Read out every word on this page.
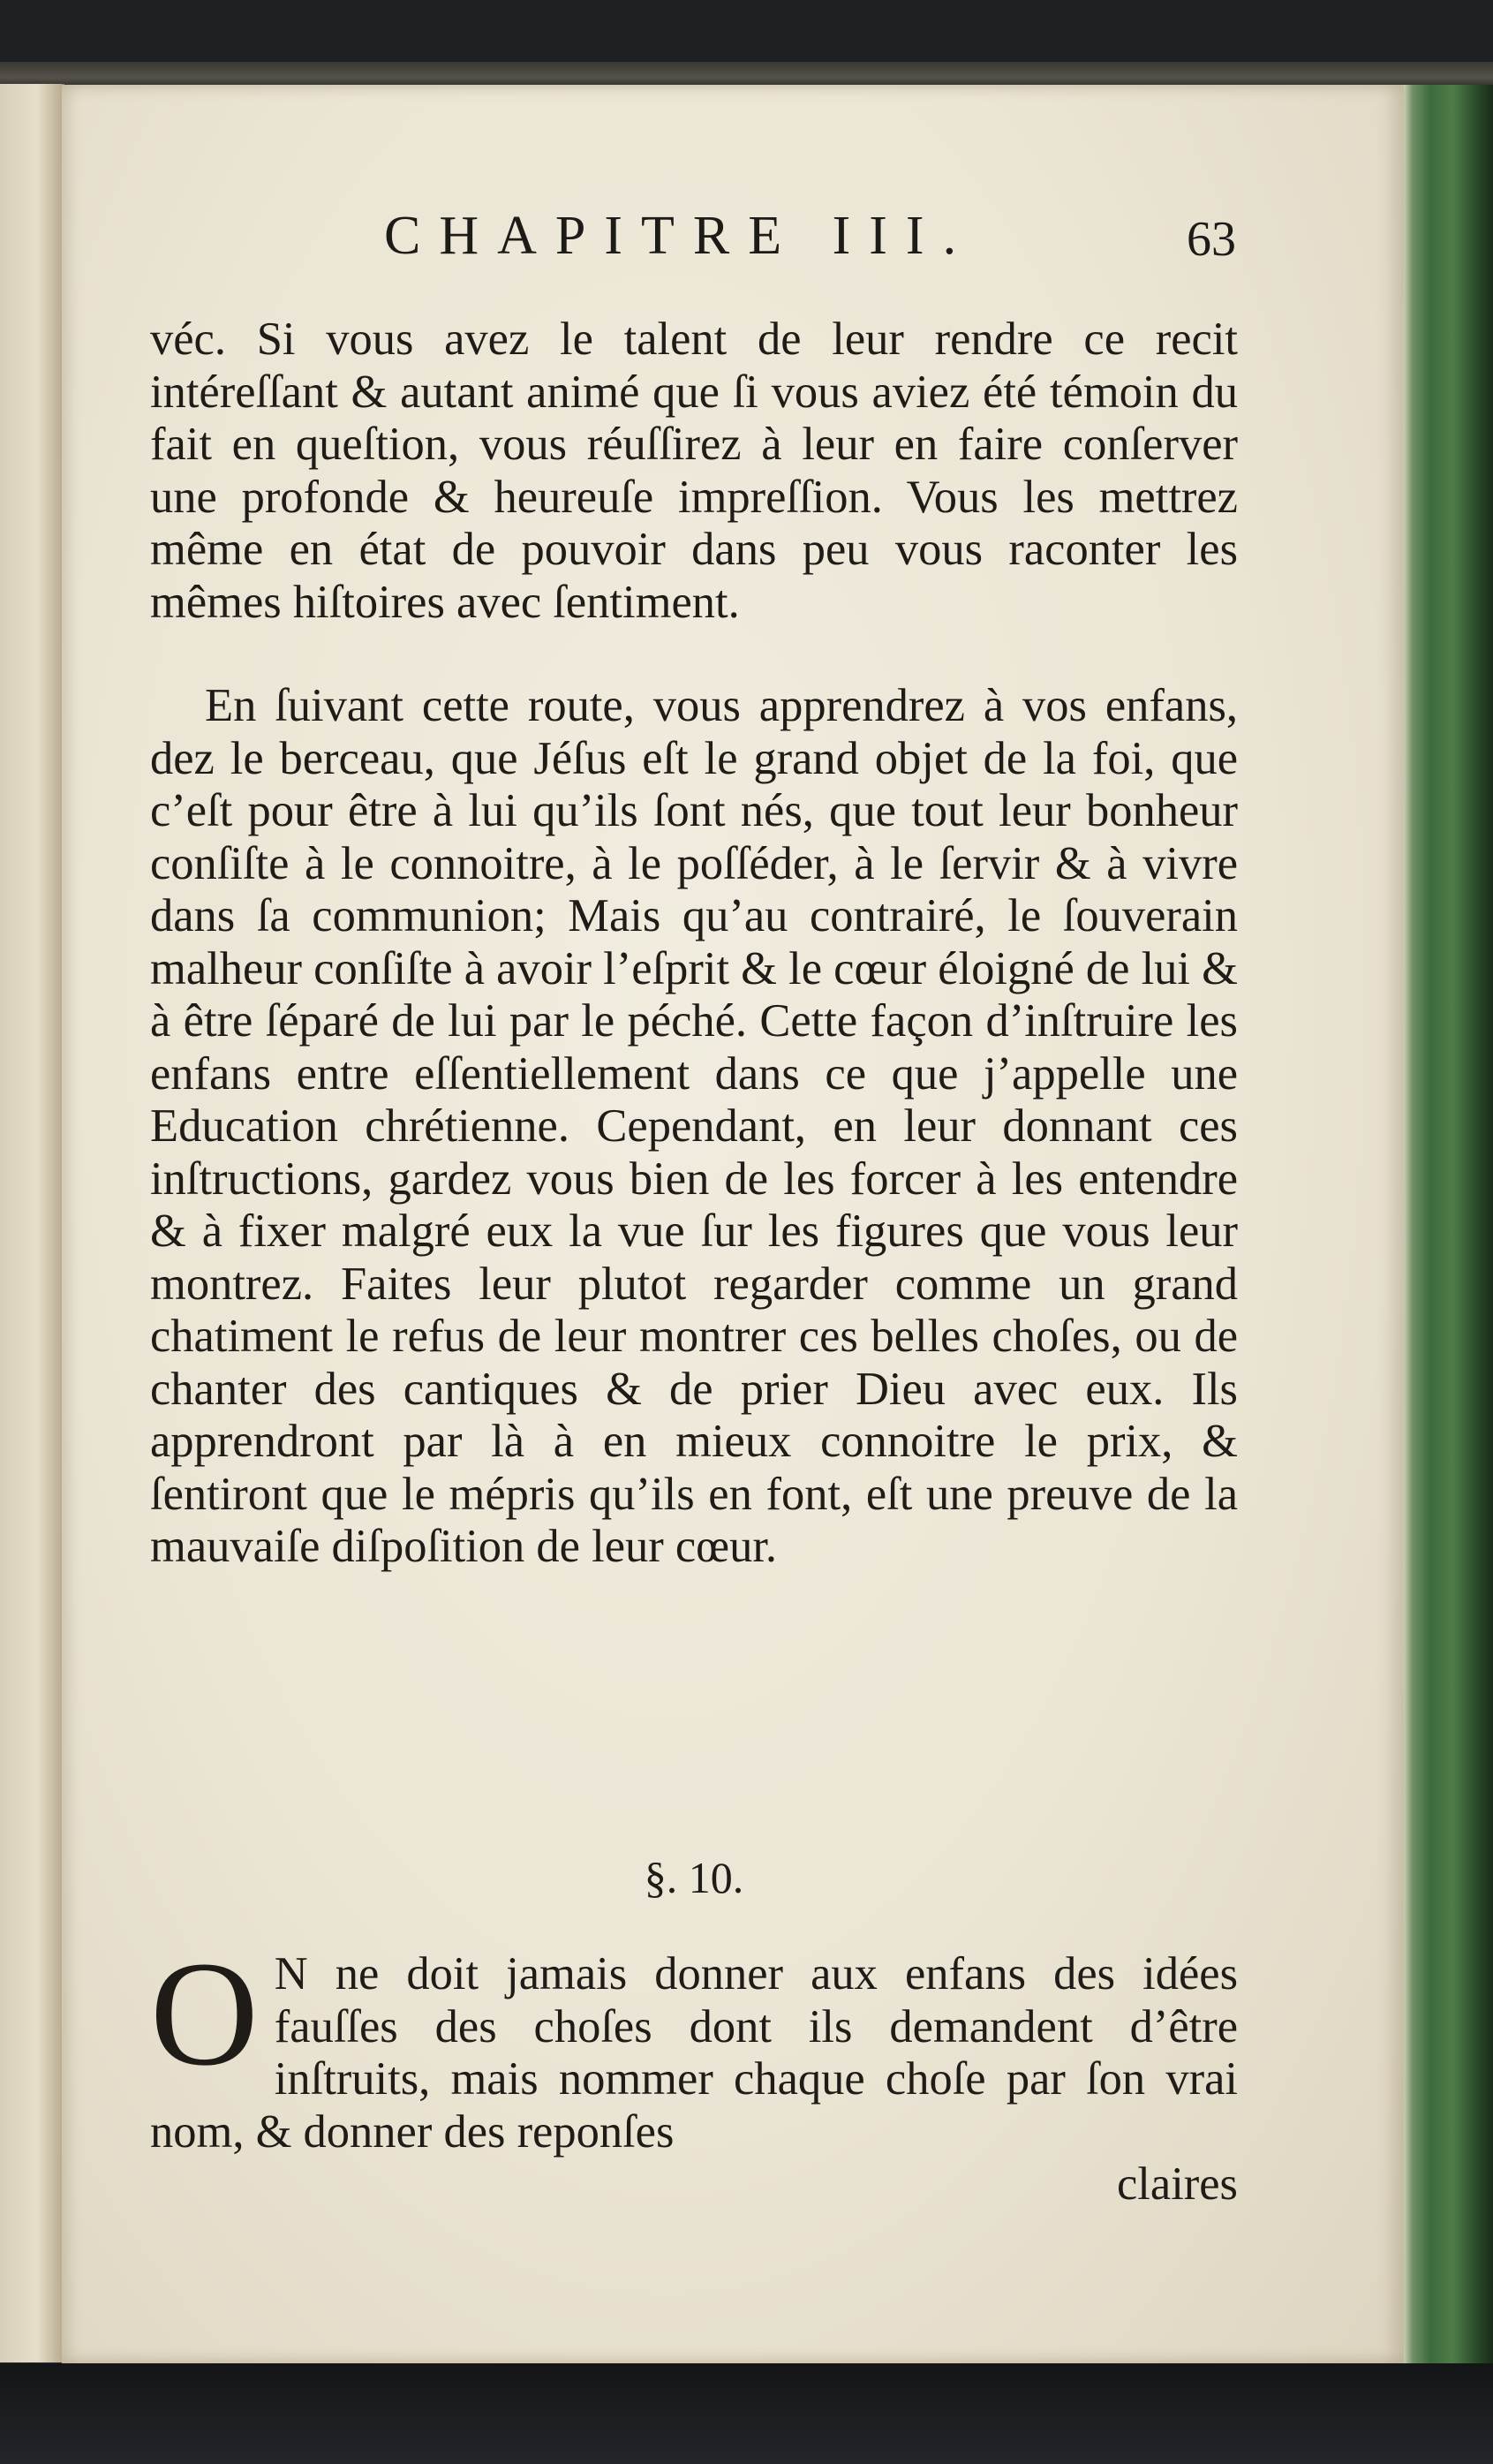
CHAPITRE III.	63

véc. Si vous avez le talent de leur rendre ce recit intéreſſant & autant animé que ſi vous aviez été témoin du fait en queſtion, vous réuſſirez à leur en faire conſerver une profonde & heureuſe impreſſion. Vous les mettrez même en état de pouvoir dans peu vous raconter les mêmes hiſtoires avec ſentiment.

En ſuivant cette route, vous apprendrez à vos enfans, dez le berceau, que Jéſus eſt le grand objet de la foi, que c’eſt pour être à lui qu’ils ſont nés, que tout leur bonheur conſiſte à le connoitre, à le poſſéder, à le ſervir & à vivre dans ſa communion; Mais qu’au contrairé, le ſouverain malheur conſiſte à avoir l’eſprit & le cœur éloigné de lui & à être ſéparé de lui par le péché. Cette façon d’inſtruire les enfans entre eſſentiellement dans ce que j’appelle une Education chrétienne. Cependant, en leur donnant ces inſtructions, gardez vous bien de les forcer à les entendre & à fixer malgré eux la vue ſur les figures que vous leur montrez. Faites leur plutot regarder comme un grand chatiment le refus de leur montrer ces belles choſes, ou de chanter des cantiques & de prier Dieu avec eux. Ils apprendront par là à en mieux connoitre le prix, & ſentiront que le mépris qu’ils en font, eſt une preuve de la mauvaiſe diſpoſition de leur cœur.

§. 10.
O N ne doit jamais donner aux enfans des idées fauſſes des choſes dont ils demandent d’être inſtruits, mais nommer chaque choſe par ſon vrai nom, & donner des reponſes

claires
